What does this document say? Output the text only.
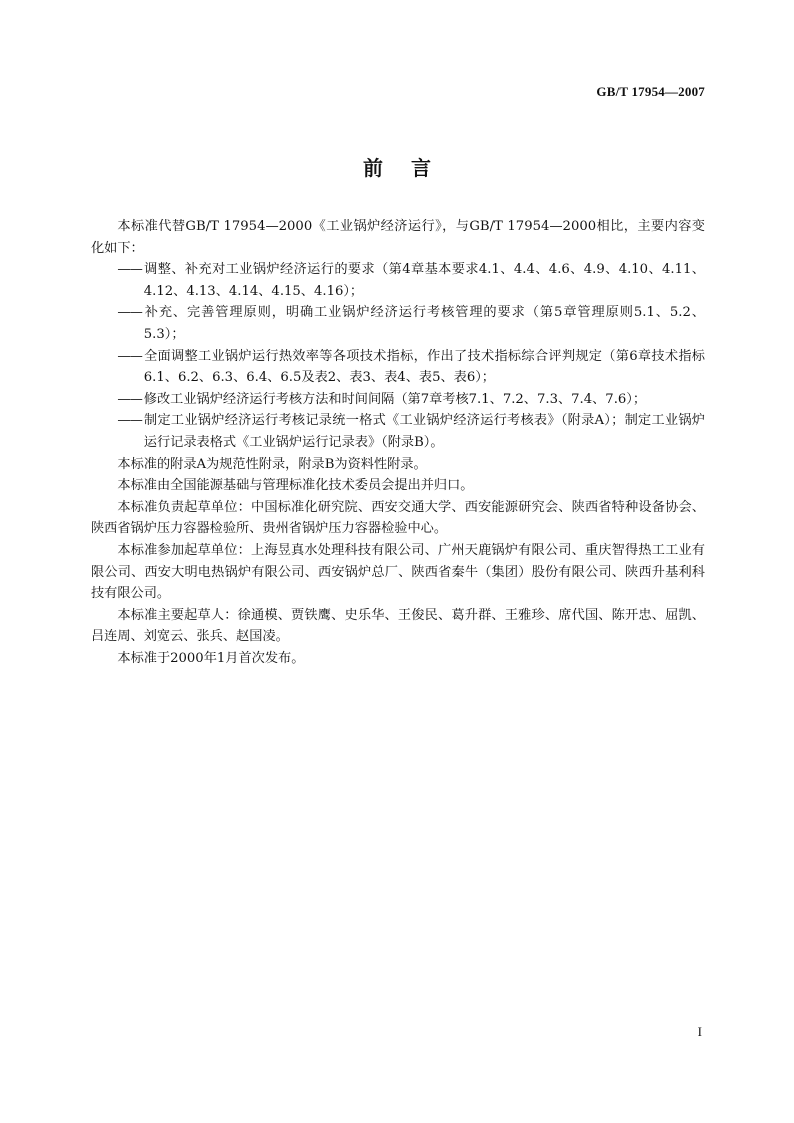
GB/T 17954—2007
前言

本标准代替GB/T 17954—2000《工业锅炉经济运行》，与GB/T 17954—2000相比，主要内容变化如下：

—— 调整、补充对工业锅炉经济运行的要求（第4章基本要求4.1、4.4、4.6、4.9、4.10、4.11、4.12、4.13、4.14、4.15、4.16）；

—— 补充、完善管理原则，明确工业锅炉经济运行考核管理的要求（第5章管理原则5.1、5.2、5.3）；

—— 全面调整工业锅炉运行热效率等各项技术指标，作出了技术指标综合评判规定（第6章技术指标6.1、6.2、6.3、6.4、6.5及表2、表3、表4、表5、表6）；

—— 修改工业锅炉经济运行考核方法和时间间隔（第7章考核7.1、7.2、7.3、7.4、7.6）；

—— 制定工业锅炉经济运行考核记录统一格式《工业锅炉经济运行考核表》（附录A）；制定工业锅炉运行记录表格式《工业锅炉运行记录表》（附录B）。

本标准的附录A为规范性附录，附录B为资料性附录。

本标准由全国能源基础与管理标准化技术委员会提出并归口。

本标准负责起草单位：中国标准化研究院、西安交通大学、西安能源研究会、陕西省特种设备协会、陕西省锅炉压力容器检验所、贵州省锅炉压力容器检验中心。

本标准参加起草单位：上海昱真水处理科技有限公司、广州天鹿锅炉有限公司、重庆智得热工工业有限公司、西安大明电热锅炉有限公司、西安锅炉总厂、陕西省秦牛（集团）股份有限公司、陕西升基利科技有限公司。

本标准主要起草人：徐通模、贾铁鹰、史乐华、王俊民、葛升群、王雅珍、席代国、陈开忠、屈凯、吕连周、刘宽云、张兵、赵国凌。

本标准于2000年1月首次发布。

I
